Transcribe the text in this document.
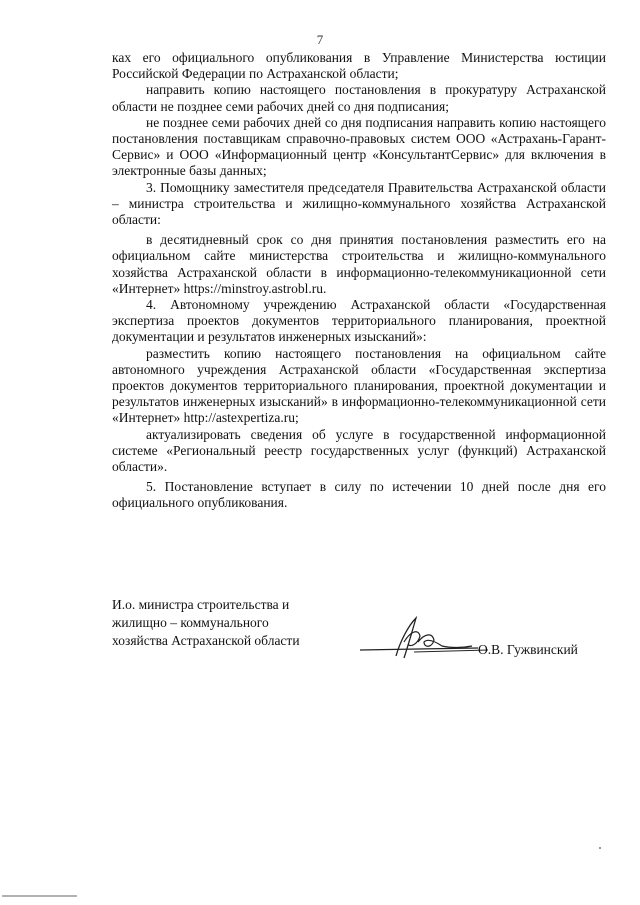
7

ках его официального опубликования в Управление Министерства юстиции Российской Федерации по Астраханской области;

направить копию настоящего постановления в прокуратуру Астраханской области не позднее семи рабочих дней со дня подписания;

не позднее семи рабочих дней со дня подписания направить копию настоящего постановления поставщикам справочно-правовых систем ООО «Астрахань-Гарант-Сервис» и ООО «Информационный центр «КонсультантСервис» для включения в электронные базы данных;

3. Помощнику заместителя председателя Правительства Астраханской области – министра строительства и жилищно-коммунального хозяйства Астраханской области:

в десятидневный срок со дня принятия постановления разместить его на официальном сайте министерства строительства и жилищно-коммунального хозяйства Астраханской области в информационно-телекоммуникационной сети «Интернет» https://minstroy.astrobl.ru.

4. Автономному учреждению Астраханской области «Государственная экспертиза проектов документов территориального планирования, проектной документации и результатов инженерных изысканий»:

разместить копию настоящего постановления на официальном сайте автономного учреждения Астраханской области «Государственная экспертиза проектов документов территориального планирования, проектной документации и результатов инженерных изысканий» в информационно-телекоммуникационной сети «Интернет» http://astexpertiza.ru;

актуализировать сведения об услуге в государственной информационной системе «Региональный реестр государственных услуг (функций) Астраханской области».

5. Постановление вступает в силу по истечении 10 дней после дня его официального опубликования.

И.о. министра строительства и
жилищно – коммунального
хозяйства Астраханской области
О.В. Гужвинский
